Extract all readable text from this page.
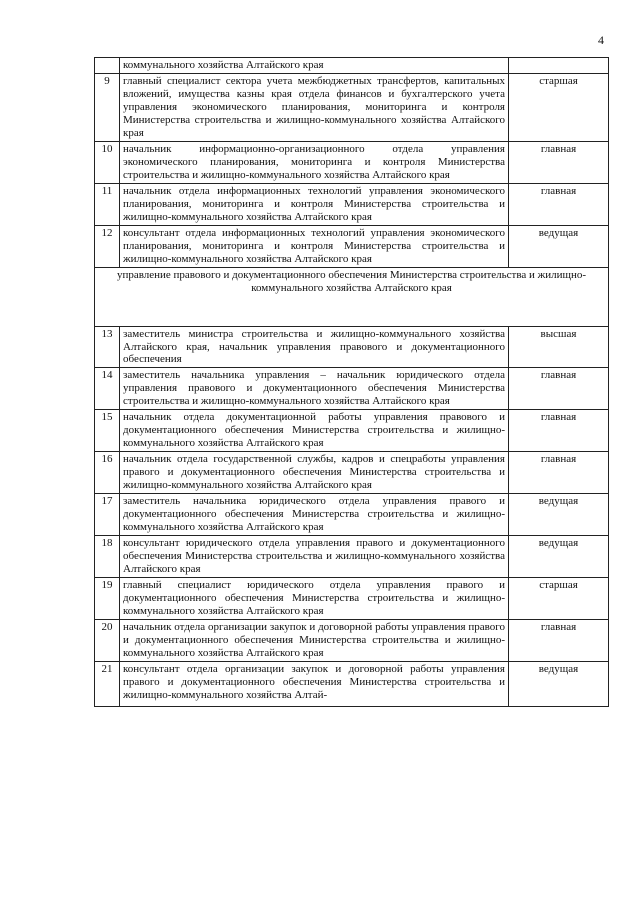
4
	коммунального хозяйства Алтайского края	
9	главный специалист сектора учета межбюджетных трансфертов, капитальных вложений, имущества казны края отдела финансов и бухгалтерского учета управления экономического планирования, мониторинга и контроля Министерства строительства и жилищно-коммунального хозяйства Алтайского края	старшая
10	начальник информационно-организационного отдела управления экономического планирования, мониторинга и контроля Министерства строительства и жилищно-коммунального хозяйства Алтайского края	главная
11	начальник отдела информационных технологий управления экономического планирования, мониторинга и контроля Министерства строительства и жилищно-коммунального хозяйства Алтайского края	главная
12	консультант отдела информационных технологий управления экономического планирования, мониторинга и контроля Министерства строительства и жилищно-коммунального хозяйства Алтайского края	ведущая
управление правового и документационного обеспечения Министерства строительства и жилищно-коммунального хозяйства Алтайского края		
13	заместитель министра строительства и жилищно-коммунального хозяйства Алтайского края, начальник управления правового и документационного обеспечения	высшая
14	заместитель начальника управления – начальник юридического отдела управления правового и документационного обеспечения Министерства строительства и жилищно-коммунального хозяйства Алтайского края	главная
15	начальник отдела документационной работы управления правового и документационного обеспечения Министерства строительства и жилищно-коммунального хозяйства Алтайского края	главная
16	начальник отдела государственной службы, кадров и спецработы управления правого и документационного обеспечения Министерства строительства и жилищно-коммунального хозяйства Алтайского края	главная
17	заместитель начальника юридического отдела управления правого и документационного обеспечения Министерства строительства и жилищно-коммунального хозяйства Алтайского края	ведущая
18	консультант юридического отдела управления правого и документационного обеспечения Министерства строительства и жилищно-коммунального хозяйства Алтайского края	ведущая
19	главный специалист юридического отдела управления правого и документационного обеспечения Министерства строительства и жилищно-коммунального хозяйства Алтайского края	старшая
20	начальник отдела организации закупок и договорной работы управления правого и документационного обеспечения Министерства строительства и жилищно-коммунального хозяйства Алтайского края	главная
21	консультант отдела организации закупок и договорной работы управления правого и документационного обеспечения Министерства строительства и жилищно-коммунального хозяйства Алтай-	ведущая
